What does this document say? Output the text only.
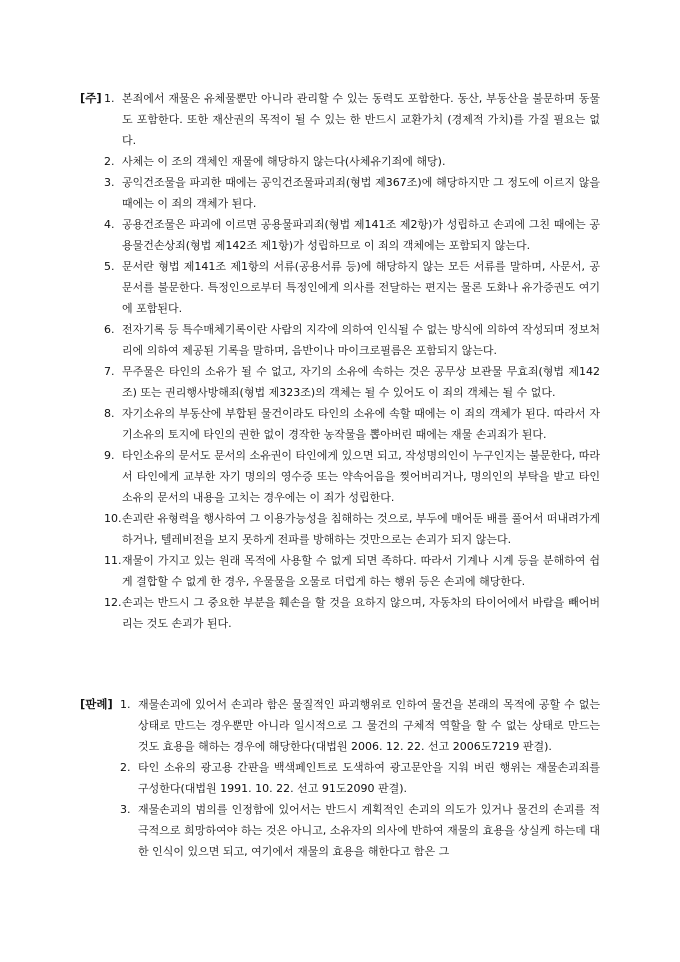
[주] 1. 본죄에서 재물은 유체물뿐만 아니라 관리할 수 있는 동력도 포함한다. 동산, 부동산을 불문하며 동물도 포함한다. 또한 재산권의 목적이 될 수 있는 한 반드시 교환가치 (경제적 가치)를 가질 필요는 없다.
2. 사체는 이 조의 객체인 재물에 해당하지 않는다(사체유기죄에 해당).
3. 공익건조물을 파괴한 때에는 공익건조물파괴죄(형법 제367조)에 해당하지만 그 정도에 이르지 않을 때에는 이 죄의 객체가 된다.
4. 공용건조물은 파괴에 이르면 공용물파괴죄(형법 제141조 제2항)가 성립하고 손괴에 그친 때에는 공용물건손상죄(형법 제142조 제1항)가 성립하므로 이 죄의 객체에는 포함되지 않는다.
5. 문서란 형법 제141조 제1항의 서류(공용서류 등)에 해당하지 않는 모든 서류를 말하며, 사문서, 공문서를 불문한다. 특정인으로부터 특정인에게 의사를 전달하는 편지는 물론 도화나 유가증권도 여기에 포함된다.
6. 전자기록 등 특수매체기록이란 사람의 지각에 의하여 인식될 수 없는 방식에 의하여 작성되며 정보처리에 의하여 제공된 기록을 말하며, 음반이나 마이크로필름은 포함되지 않는다.
7. 무주물은 타인의 소유가 될 수 없고, 자기의 소유에 속하는 것은 공무상 보관물 무효죄(형법 제142조) 또는 권리행사방해죄(형법 제323조)의 객체는 될 수 있어도 이 죄의 객체는 될 수 없다.
8. 자기소유의 부동산에 부합된 물건이라도 타인의 소유에 속할 때에는 이 죄의 객체가 된다. 따라서 자기소유의 토지에 타인의 권한 없이 경작한 농작물을 뽑아버린 때에는 재물 손괴죄가 된다.
9. 타인소유의 문서도 문서의 소유권이 타인에게 있으면 되고, 작성명의인이 누구인지는 불문한다, 따라서 타인에게 교부한 자기 명의의 영수증 또는 약속어음을 찢어버리거나, 명의인의 부탁을 받고 타인소유의 문서의 내용을 고치는 경우에는 이 죄가 성립한다.
10. 손괴란 유형력을 행사하여 그 이용가능성을 침해하는 것으로, 부두에 매어둔 배를 풀어서 떠내려가게 하거나, 텔레비전을 보지 못하게 전파를 방해하는 것만으로는 손괴가 되지 않는다.
11. 재물이 가지고 있는 원래 목적에 사용할 수 없게 되면 족하다. 따라서 기계나 시계 등을 분해하여 쉽게 결합할 수 없게 한 경우, 우물물을 오물로 더럽게 하는 행위 등은 손괴에 해당한다.
12. 손괴는 반드시 그 중요한 부분을 훼손을 할 것을 요하지 않으며, 자동차의 타이어에서 바람을 빼어버리는 것도 손괴가 된다.
[판례] 1. 재물손괴에 있어서 손괴라 함은 물질적인 파괴행위로 인하여 물건을 본래의 목적에 공할 수 없는 상태로 만드는 경우뿐만 아니라 일시적으로 그 물건의 구체적 역할을 할 수 없는 상태로 만드는 것도 효용을 해하는 경우에 해당한다(대법원 2006. 12. 22. 선고 2006도7219 판결).
2. 타인 소유의 광고용 간판을 백색페인트로 도색하여 광고문안을 지워 버린 행위는 재물손괴죄를 구성한다(대법원 1991. 10. 22. 선고 91도2090 판결).
3. 재물손괴의 범의를 인정함에 있어서는 반드시 계획적인 손괴의 의도가 있거나 물건의 손괴를 적극적으로 희망하여야 하는 것은 아니고, 소유자의 의사에 반하여 재물의 효용을 상실케 하는데 대한 인식이 있으면 되고, 여기에서 재물의 효용을 해한다고 함은 그
